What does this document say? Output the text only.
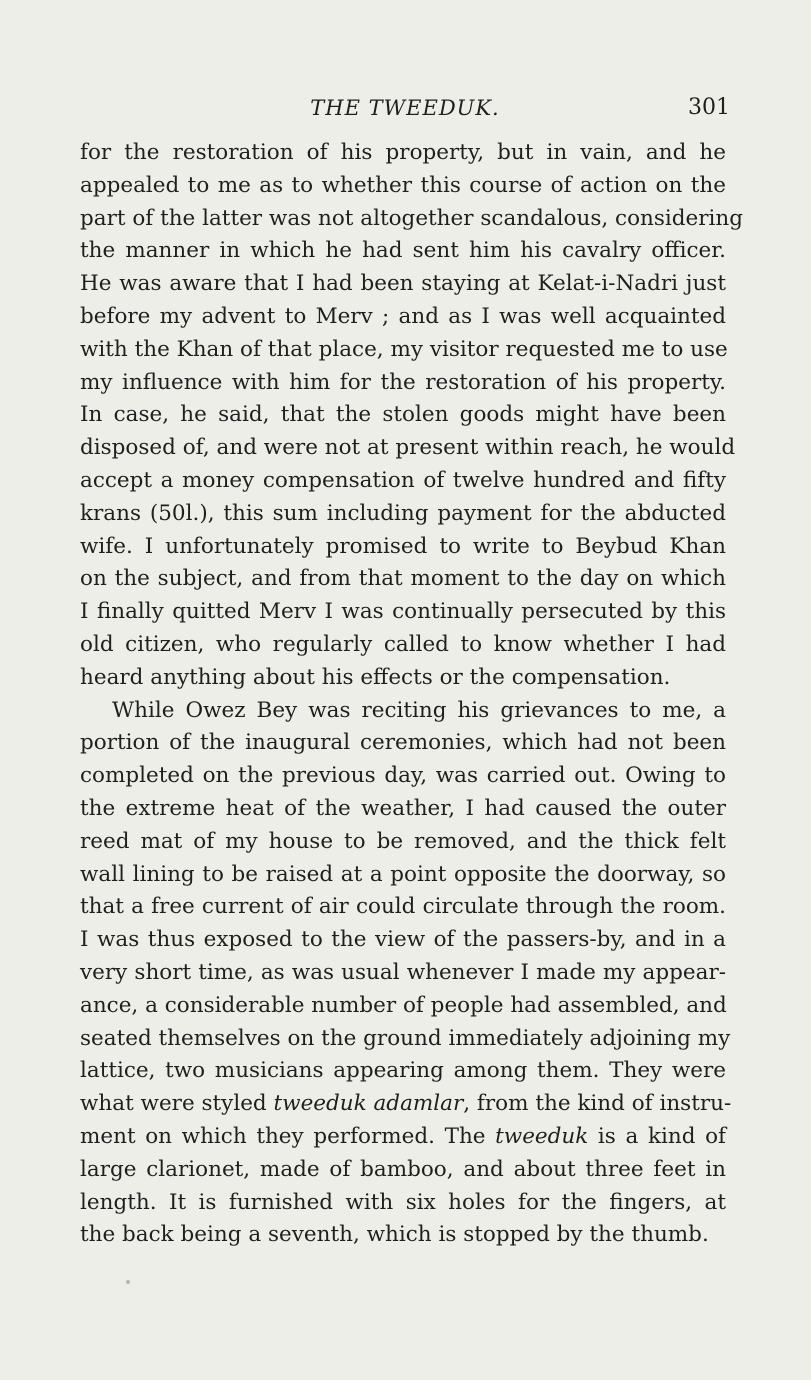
THE TWEEDUK.	301
for the restoration of his property, but in vain, and he
appealed to me as to whether this course of action on the
part of the latter was not altogether scandalous, considering
the manner in which he had sent him his cavalry officer.
He was aware that I had been staying at Kelat-i-Nadri just
before my advent to Merv ; and as I was well acquainted
with the Khan of that place, my visitor requested me to use
my influence with him for the restoration of his property.
In case, he said, that the stolen goods might have been
disposed of, and were not at present within reach, he would
accept a money compensation of twelve hundred and fifty
krans (50l.), this sum including payment for the abducted
wife. I unfortunately promised to write to Beybud Khan
on the subject, and from that moment to the day on which
I finally quitted Merv I was continually persecuted by this
old citizen, who regularly called to know whether I had
heard anything about his effects or the compensation.
While Owez Bey was reciting his grievances to me, a
portion of the inaugural ceremonies, which had not been
completed on the previous day, was carried out. Owing to
the extreme heat of the weather, I had caused the outer
reed mat of my house to be removed, and the thick felt
wall lining to be raised at a point opposite the doorway, so
that a free current of air could circulate through the room.
I was thus exposed to the view of the passers-by, and in a
very short time, as was usual whenever I made my appear-
ance, a considerable number of people had assembled, and
seated themselves on the ground immediately adjoining my
lattice, two musicians appearing among them. They were
what were styled tweeduk adamlar, from the kind of instru-
ment on which they performed. The tweeduk is a kind of
large clarionet, made of bamboo, and about three feet in
length. It is furnished with six holes for the fingers, at
the back being a seventh, which is stopped by the thumb.
